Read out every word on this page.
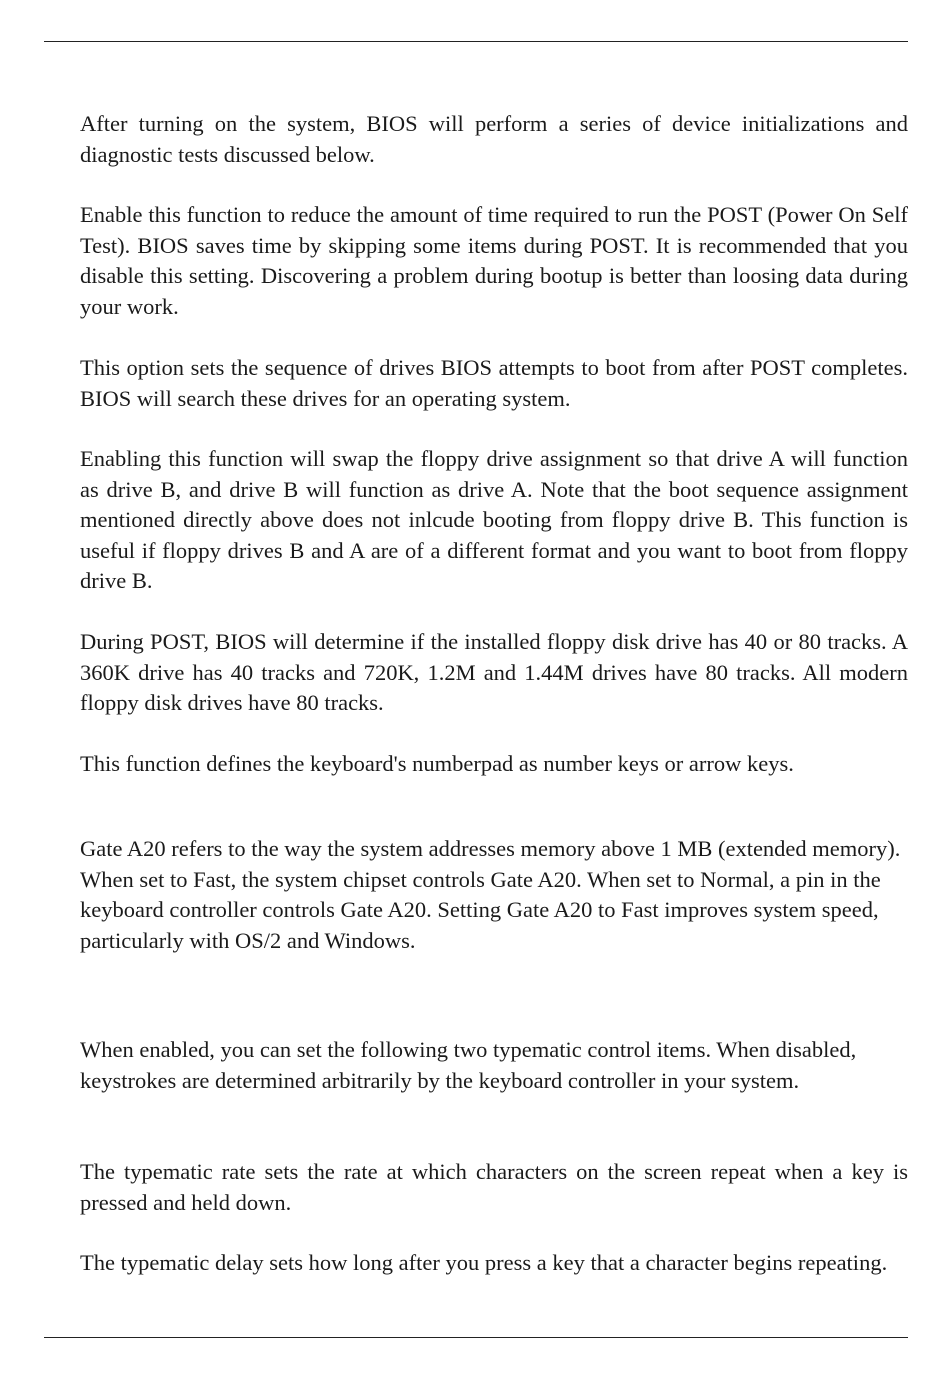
After turning on the system, BIOS will perform a series of device initializations and diagnostic tests discussed below.

Enable this function to reduce the amount of time required to run the POST (Power On Self Test). BIOS saves time by skipping some items during POST. It is recommended that you disable this setting. Discovering a problem during bootup is better than loosing data during your work.

This option sets the sequence of drives BIOS attempts to boot from after POST completes. BIOS will search these drives for an operating system.

Enabling this function will swap the floppy drive assignment so that drive A will function as drive B, and drive B will function as drive A. Note that the boot sequence assignment mentioned directly above does not inlcude booting from floppy drive B. This function is useful if floppy drives B and A are of a different format and you want to boot from floppy drive B.

During POST, BIOS will determine if the installed floppy disk drive has 40 or 80 tracks. A 360K drive has 40 tracks and 720K, 1.2M and 1.44M drives have 80 tracks. All modern floppy disk drives have 80 tracks.

This function defines the keyboard's numberpad as number keys or arrow keys.

Gate A20 refers to the way the system addresses memory above 1 MB (extended memory). When set to Fast, the system chipset controls Gate A20. When set to Normal, a pin in the keyboard controller controls Gate A20. Setting Gate A20 to Fast improves system speed, particularly with OS/2 and Windows.

When enabled, you can set the following two typematic control items. When disabled, keystrokes are determined arbitrarily by the keyboard controller in your system.

The typematic rate sets the rate at which characters on the screen repeat when a key is pressed and held down.

The typematic delay sets how long after you press a key that a character begins repeating.
